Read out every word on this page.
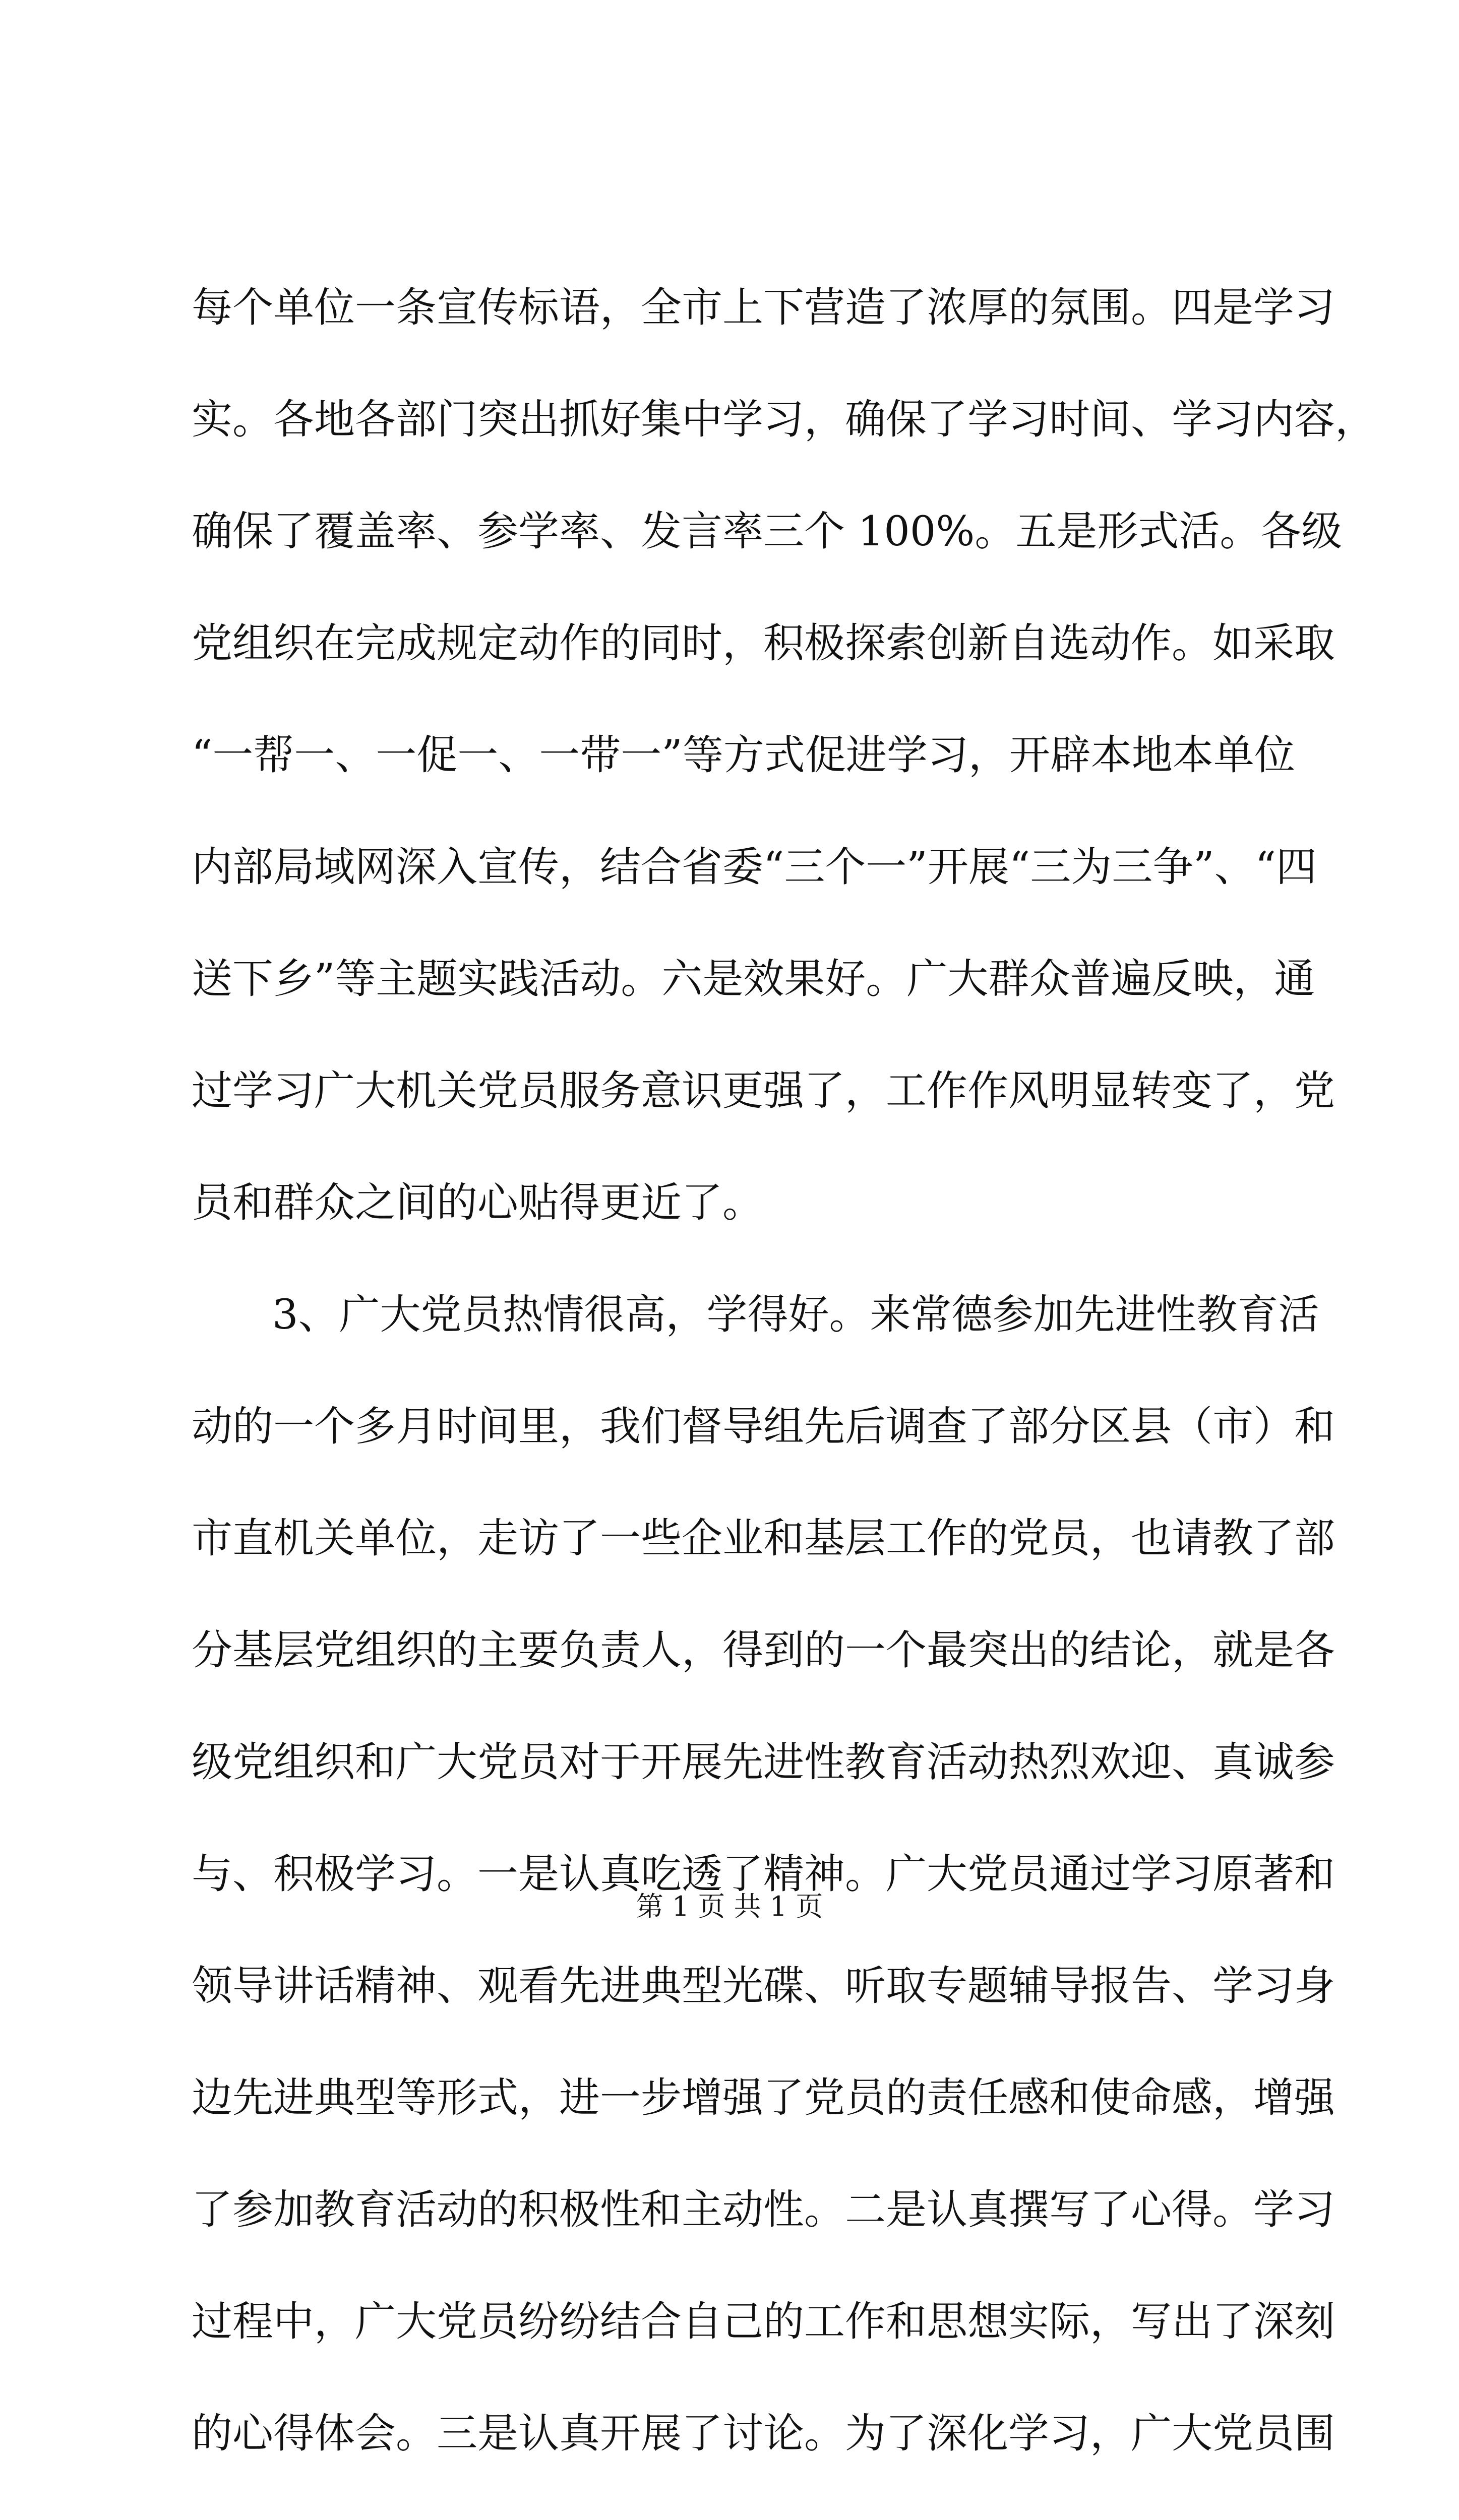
每个单位一条宣传标语，全市上下营造了浓厚的氛围。四是学习
实。各地各部门突出抓好集中学习，确保了学习时间、学习内容，
确保了覆盖率、参学率、发言率三个 100%。五是形式活。各级
党组织在完成规定动作的同时，积极探索创新自选动作。如采取
“一帮一、一促一、一带一”等方式促进学习，开辟本地本单位
内部局域网深入宣传，结合省委“三个一”开展“三为三争”、“四
送下乡”等主题实践活动。六是效果好。广大群众普遍反映，通
过学习广大机关党员服务意识更强了，工作作风明显转变了，党
员和群众之间的心贴得更近了。
3、广大党员热情很高，学得好。来常德参加先进性教育活
动的一个多月时间里，我们督导组先后调查了部分区县（市）和
市直机关单位，走访了一些企业和基层工作的党员，也请教了部
分基层党组织的主要负责人，得到的一个最突出的结论，就是各
级党组织和广大党员对于开展先进性教育活动热烈欢迎、真诚参
与、积极学习。一是认真吃透了精神。广大党员通过学习原著和
领导讲话精神、观看先进典型光碟、听取专题辅导报告、学习身
边先进典型等形式，进一步增强了党员的责任感和使命感，增强
了参加教育活动的积极性和主动性。二是认真撰写了心得。学习
过程中，广大党员纷纷结合自己的工作和思想实际，写出了深刻
的心得体会。三是认真开展了讨论。为了深化学习，广大党员围
第 1 页 共 1 页
